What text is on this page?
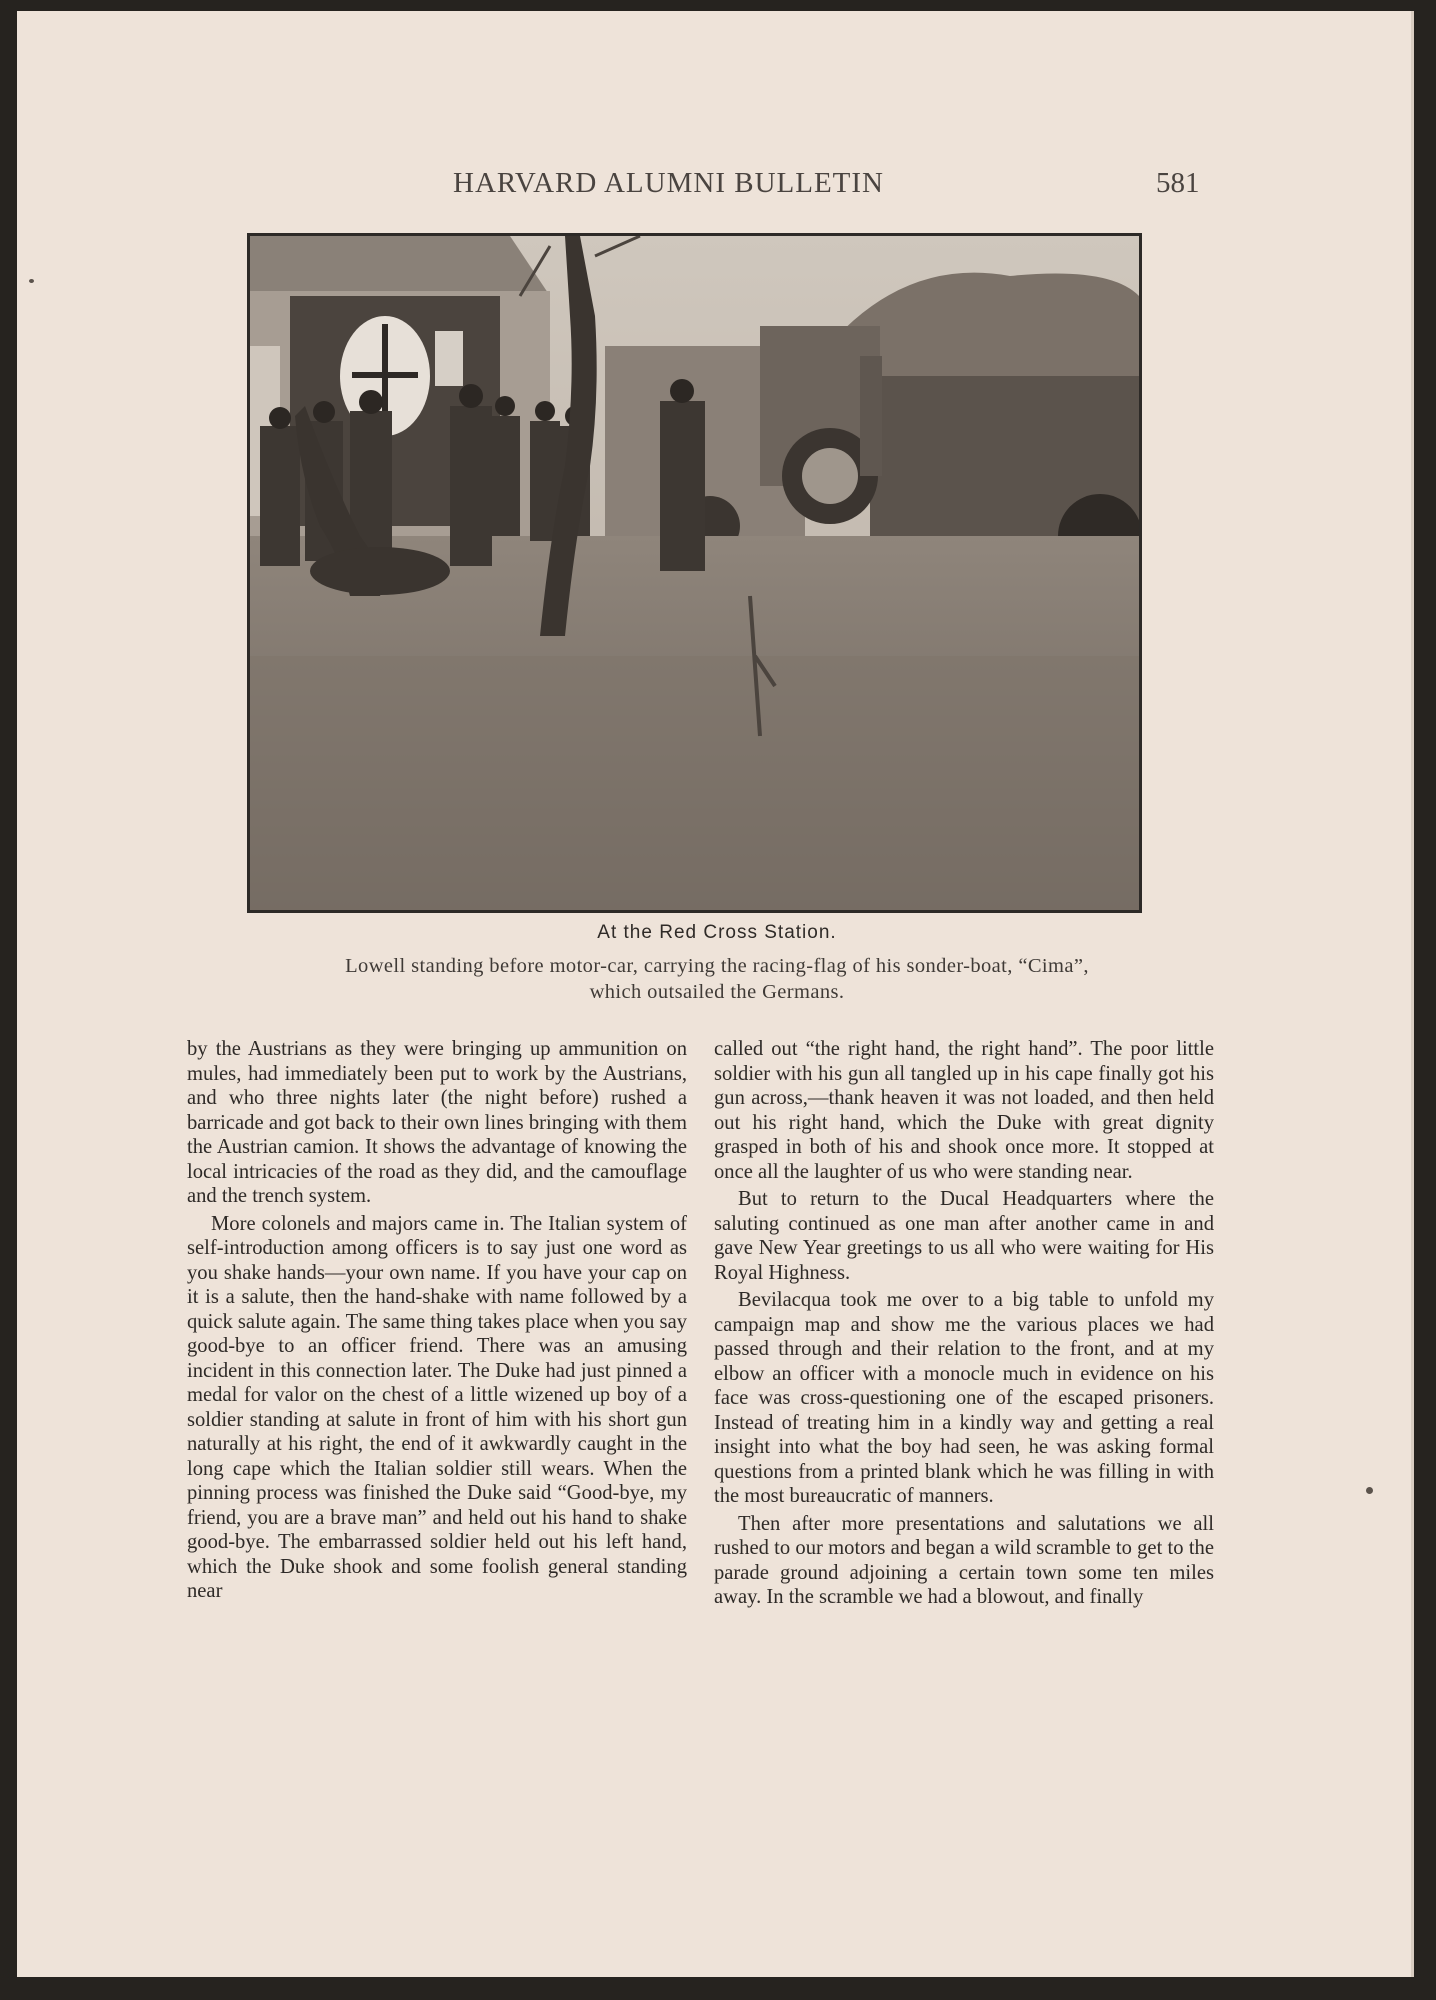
HARVARD ALUMNI BULLETIN	581
At the Red Cross Station.
Lowell standing before motor-car, carrying the racing-flag of his sonder-boat, “Cima”,
which outsailed the Germans.

by the Austrians as they were bringing up ammunition on mules, had immediately been put to work by the Austrians, and who three nights later (the night before) rushed a barricade and got back to their own lines bringing with them the Austrian camion. It shows the advantage of knowing the local intricacies of the road as they did, and the camouflage and the trench system.

More colonels and majors came in. The Italian system of self-introduction among officers is to say just one word as you shake hands—your own name. If you have your cap on it is a salute, then the hand-shake with name followed by a quick salute again. The same thing takes place when you say good-bye to an officer friend. There was an amusing incident in this connection later. The Duke had just pinned a medal for valor on the chest of a little wizened up boy of a soldier standing at salute in front of him with his short gun naturally at his right, the end of it awkwardly caught in the long cape which the Italian soldier still wears. When the pinning process was finished the Duke said “Good-bye, my friend, you are a brave man” and held out his hand to shake good-bye. The embarrassed soldier held out his left hand, which the Duke shook and some foolish general standing near

called out “the right hand, the right hand”. The poor little soldier with his gun all tangled up in his cape finally got his gun across,—thank heaven it was not loaded, and then held out his right hand, which the Duke with great dignity grasped in both of his and shook once more. It stopped at once all the laughter of us who were standing near.

But to return to the Ducal Headquarters where the saluting continued as one man after another came in and gave New Year greetings to us all who were waiting for His Royal Highness.

Bevilacqua took me over to a big table to unfold my campaign map and show me the various places we had passed through and their relation to the front, and at my elbow an officer with a monocle much in evidence on his face was cross-questioning one of the escaped prisoners. Instead of treating him in a kindly way and getting a real insight into what the boy had seen, he was asking formal questions from a printed blank which he was filling in with the most bureaucratic of manners.

Then after more presentations and salutations we all rushed to our motors and began a wild scramble to get to the parade ground adjoining a certain town some ten miles away. In the scramble we had a blowout, and finally
